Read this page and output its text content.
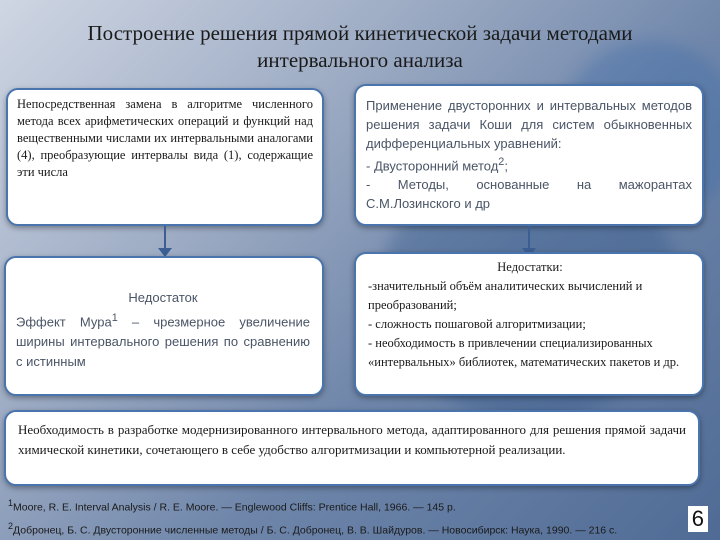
Построение решения прямой кинетической задачи методами интервального анализа

Непосредственная замена в алгоритме численного метода всех арифметических операций и функций над вещественными числами их интервальными аналогами (4), преобразующие интервалы вида (1), содержащие эти числа

Применение двусторонних и интервальных методов решения задачи Коши для систем обыкновенных дифференциальных уравнений:

- Двусторонний метод$^2$;

- Методы, основанные на мажорантах С.М.Лозинского и др

Недостаток

Эффект Мура$^1$ – чрезмерное увеличение ширины интервального решения по сравнению с истинным

Недостатки:

-значительный объём аналитических вычислений и преобразований;

- сложность пошаговой алгоритмизации;

- необходимость в привлечении специализированных «интервальных» библиотек, математических пакетов и др.

Необходимость в разработке модернизированного интервального метода, адаптированного для решения прямой задачи химической кинетики, сочетающего в себе удобство алгоритмизации и компьютерной реализации.

$^1$Moore, R. E. Interval Analysis / R. E. Moore. — Englewood Cliffs: Prentice Hall, 1966. — 145 p.
$^2$Добронец, Б. С. Двусторонние численные методы / Б. С. Добронец, В. В. Шайдуров. — Новосибирск: Наука, 1990. — 216 с.	6
